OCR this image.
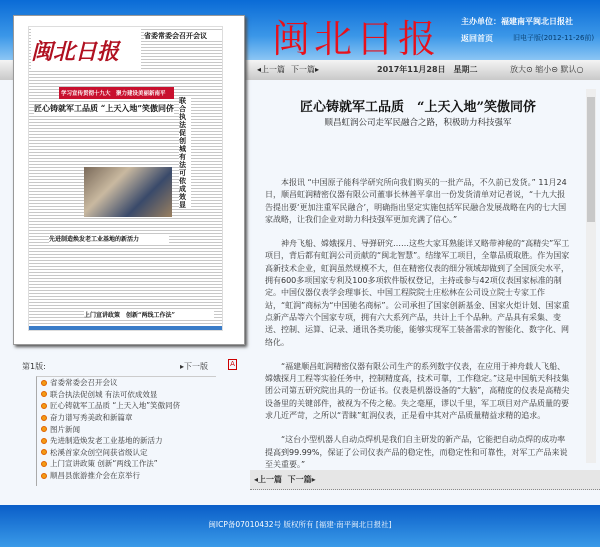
闽北日报	主办单位：福建南平闽北日报社
返回首页	旧电子版(2012-11-26前)
闽北日报
省委常委会召开会议
学习宣传贯彻十九大　聚力建设美丽新南平
匠心铸就军工品质 “上天入地”笑傲同侪
联合执法促创城 有法可依成效显
先进制造焕发老工业基地的新活力
上门宣讲政策　创新“两线工作法”
第1版:	▸下一版	A
省委常委会召开会议
联合执法促创城 有法可依成效显
匠心铸就军工品质 “上天入地”笑傲同侪
奋力谱写秀美政和新篇章
图片新闻
先进制造焕发老工业基地的新活力
松溪首家众创空间获省级认定
上门宣讲政策 创新“两线工作法”
顺昌县旅游推介会在京举行
◂上一篇 下一篇▸	2017年11月28日　星期二	放大⊙ 缩小⊝ 默认○
匠心铸就军工品质　“上天入地”笑傲同侪
顺昌虹润公司走军民融合之路，积极助力科技强军

本报讯 “中国原子能科学研究所向我们购买的一批产品，不久前已发货。” 11月24日，顺昌虹润精密仪器有限公司董事长林善平拿出一份发货清单对记者说，“十九大报告提出要‘更加注重军民融合’，明确指出坚定实施包括军民融合发展战略在内的七大国家战略，让我们企业对助力科技强军更加充满了信心。”

神舟飞船、嫦娥探月、导弹研究……这些大家耳熟能详又略带神秘的“高精尖”军工项目，背后都有虹润公司贡献的“闽北智慧”。结缘军工项目，全靠品质取胜。作为国家高新技术企业，虹润虽然规模不大，但在精密仪表的细分领域却做到了全国顶尖水平，拥有600多项国家专利及100多项软件版权登记，主持或参与42项仪表国家标准的制定。中国仪器仪表学会理事长、中国工程院院士庄松林在公司设立院士专家工作站，“虹润”商标为“中国驰名商标”。公司承担了国家创新基金、国家火炬计划、国家重点新产品等六个国家专项，拥有六大系列产品，共计上千个品种。产品具有采集、变送、控制、运算、记录、通讯各类功能，能够实现军工装备需求的智能化、数字化、网络化。

“福建顺昌虹润精密仪器有限公司生产的系列数字仪表，在应用于神舟载人飞船、嫦娥探月工程等实验任务中，控制精度高，技术可靠，工作稳定。”这是中国航天科技集团公司第五研究院出具的一份证书。仪表是机器设备的“大脑”，高精度的仪表是高精尖设备里的关键部件，被视为不传之秘。失之毫厘，谬以千里，军工项目对产品质量的要求几近严苛，之所以“青睐”虹润仪表，正是看中其对产品质量精益求精的追求。

“这台小型机器人自动点焊机是我们自主研发的新产品，它能把自动点焊的成功率提高到99.99%，保证了公司仪表产品的稳定性，而稳定性和可靠性，对军工产品来说至关重要。”

◂上一篇 下一篇▸
闽ICP备07010432号 版权所有 [福建·南平闽北日报社]
